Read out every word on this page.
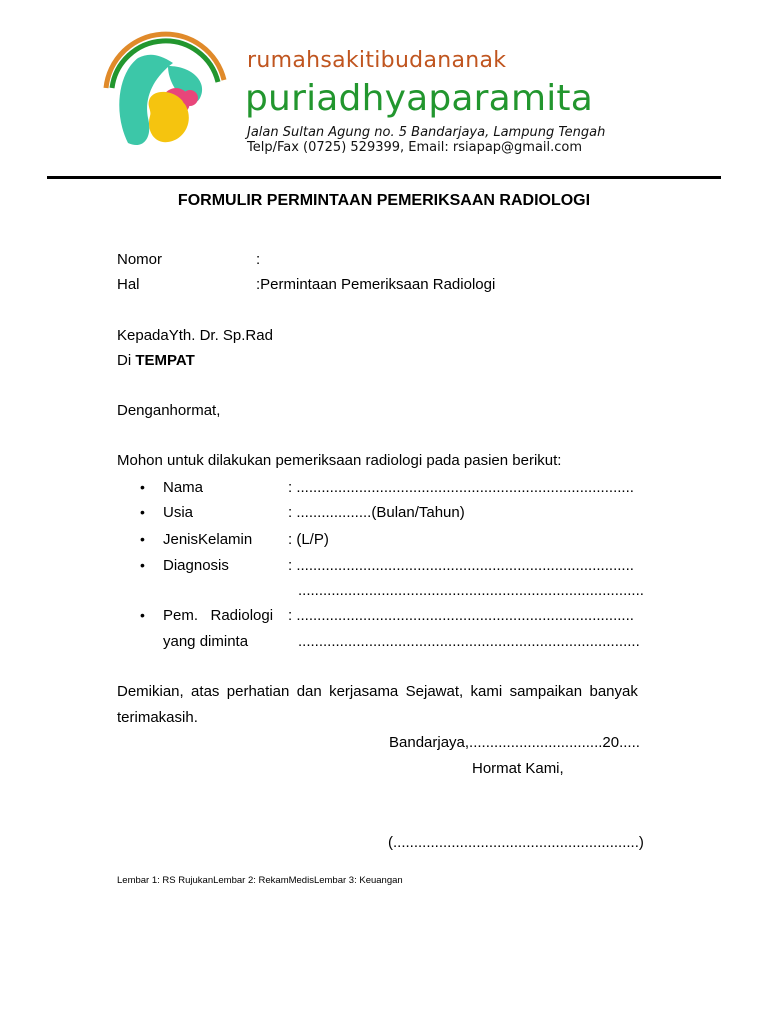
rumahsakitibudananak
puriadhyaparamita
Jalan Sultan Agung no. 5 Bandarjaya, Lampung Tengah
Telp/Fax (0725) 529399, Email: rsiapap@gmail.com
FORMULIR PERMINTAAN PEMERIKSAAN RADIOLOGI
Nomor	:
Hal	:Permintaan Pemeriksaan Radiologi
KepadaYth. Dr. Sp.Rad
Di TEMPAT
Denganhormat,
Mohon untuk dilakukan pemeriksaan radiologi pada pasien berikut:
• Nama	: .................................................................................
• Usia	: ..................(Bulan/Tahun)
• JenisKelamin : (L/P)
• Diagnosis	: .................................................................................
...................................................................................
• Pem.   Radiologi : .................................................................................
yang diminta	..................................................................................
Demikian, atas perhatian dan kerjasama Sejawat, kami sampaikan banyak
terimakasih.
Bandarjaya,................................20.....
Hormat Kami,
(...........................................................)
Lembar 1: RS RujukanLembar 2: RekamMedisLembar 3: Keuangan
